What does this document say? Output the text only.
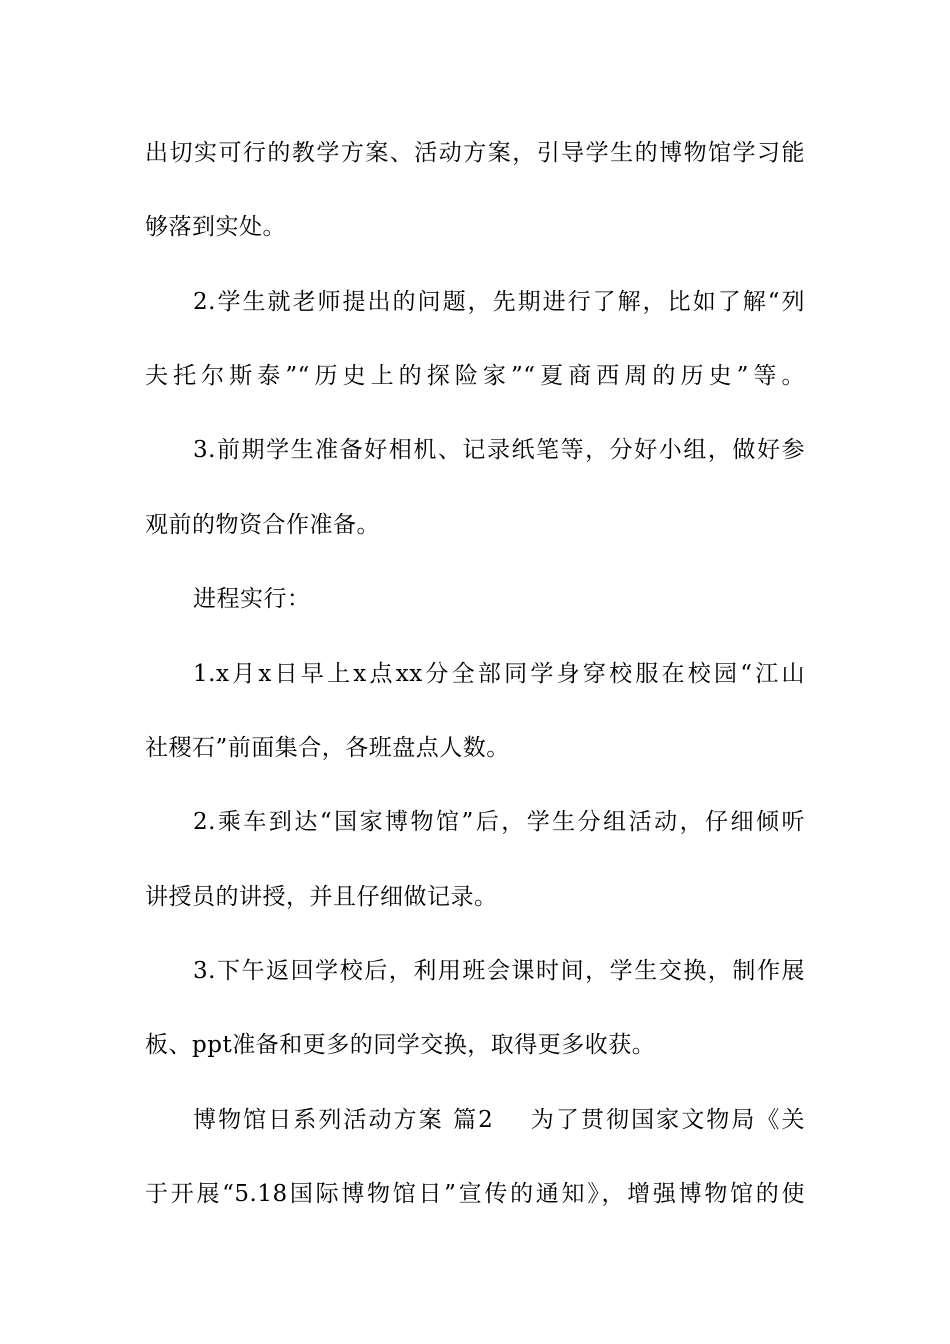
出切实可行的教学方案、活动方案，引导学生的博物馆学习能
够落到实处。
2.学生就老师提出的问题，先期进行了解，比如了解“列
夫托尔斯泰”“历史上的探险家”“夏商西周的历史”等。
3.前期学生准备好相机、记录纸笔等，分好小组，做好参
观前的物资合作准备。
进程实行：
1.x月x日早上x点xx分全部同学身穿校服在校园“江山
社稷石”前面集合，各班盘点人数。
2.乘车到达“国家博物馆”后，学生分组活动，仔细倾听
讲授员的讲授，并且仔细做记录。
3.下午返回学校后，利用班会课时间，学生交换，制作展
板、ppt准备和更多的同学交换，取得更多收获。
博物馆日系列活动方案 篇2    为了贯彻国家文物局《关
于开展“5.18国际博物馆日”宣传的通知》，增强博物馆的使
